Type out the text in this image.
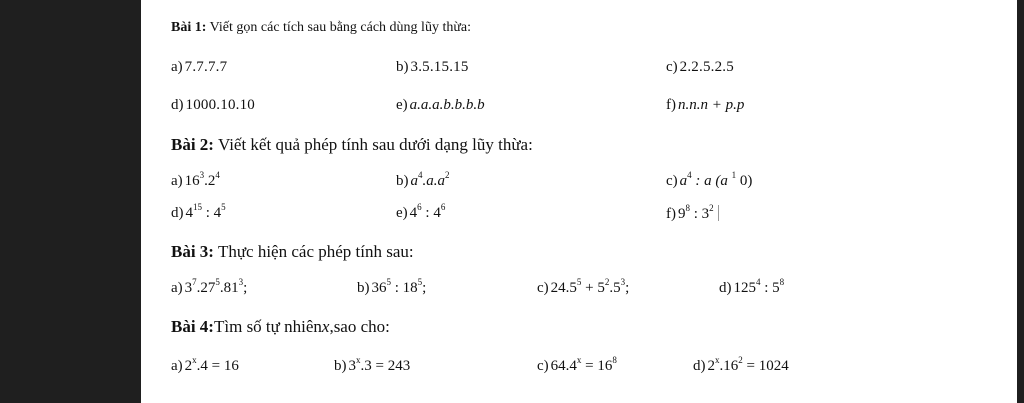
Bài 1: Viết gọn các tích sau bằng cách dùng lũy thừa:
a) 7.7.7.7	b) 3.5.15.15	c) 2.2.5.2.5
d) 1000.10.10	e) a.a.a.b.b.b.b	f) n.n.n + p.p
Bài 2: Viết kết quả phép tính sau dưới dạng lũy thừa:
a) $16^3.2^4$	b) $a^4.a.a^2$	c) $a^4$ : a (a $^1$ 0)
d) $4^{15}$ : $4^5$	e) $4^6$ : $4^6$	f) $9^8$ : $3^2$
Bài 3: Thực hiện các phép tính sau:
a) $3^7.27^5.81^3$;	b) $36^5$ : $18^5$;	c) $24.5^5 + 5^2.5^3$;	d) $125^4$ : $5^8$
Bài 4:Tìm số tự nhiênx,sao cho:
a) $2^x.4 = 16$	b) $3^x.3 = 243$	c) $64.4^x = 16^8$	d) $2^x.16^2 = 1024$
